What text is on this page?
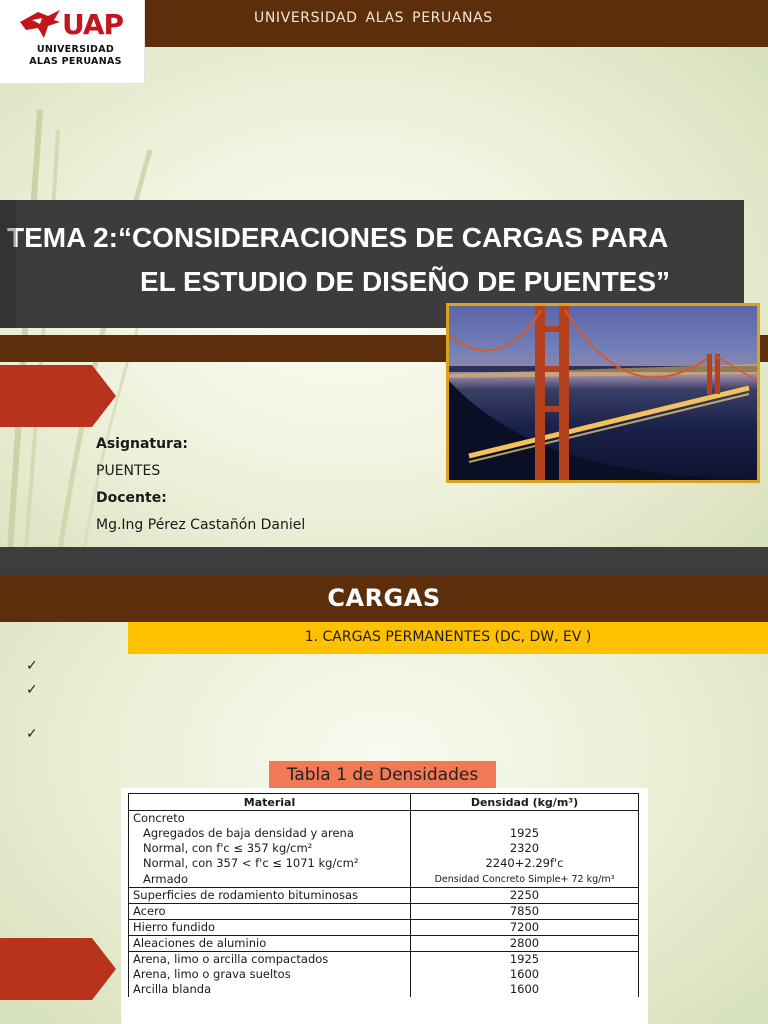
UNIVERSIDAD ALAS PERUANAS
UAP
UNIVERSIDAD
ALAS PERUANAS
TEMA 2:“CONSIDERACIONES DE CARGAS PARA
EL ESTUDIO DE DISEÑO DE PUENTES”
Asignatura:
PUENTES
Docente:
Mg.Ing Pérez Castañón Daniel
CARGAS
1. CARGAS PERMANENTES (DC, DW, EV )
✓
✓
✓
Tabla 1 de Densidades
Material	Densidad (kg/m³)
Concreto	
Agregados de baja densidad y arena	1925
Normal, con f'c ≤ 357 kg/cm²	2320
Normal, con 357 < f'c ≤ 1071 kg/cm²	2240+2.29f'c
Armado	Densidad Concreto Simple+ 72 kg/m³
Superficies de rodamiento bituminosas	2250
Acero	7850
Hierro fundido	7200
Aleaciones de aluminio	2800
Arena, limo o arcilla compactados	1925
Arena, limo o grava sueltos	1600
Arcilla blanda	1600
